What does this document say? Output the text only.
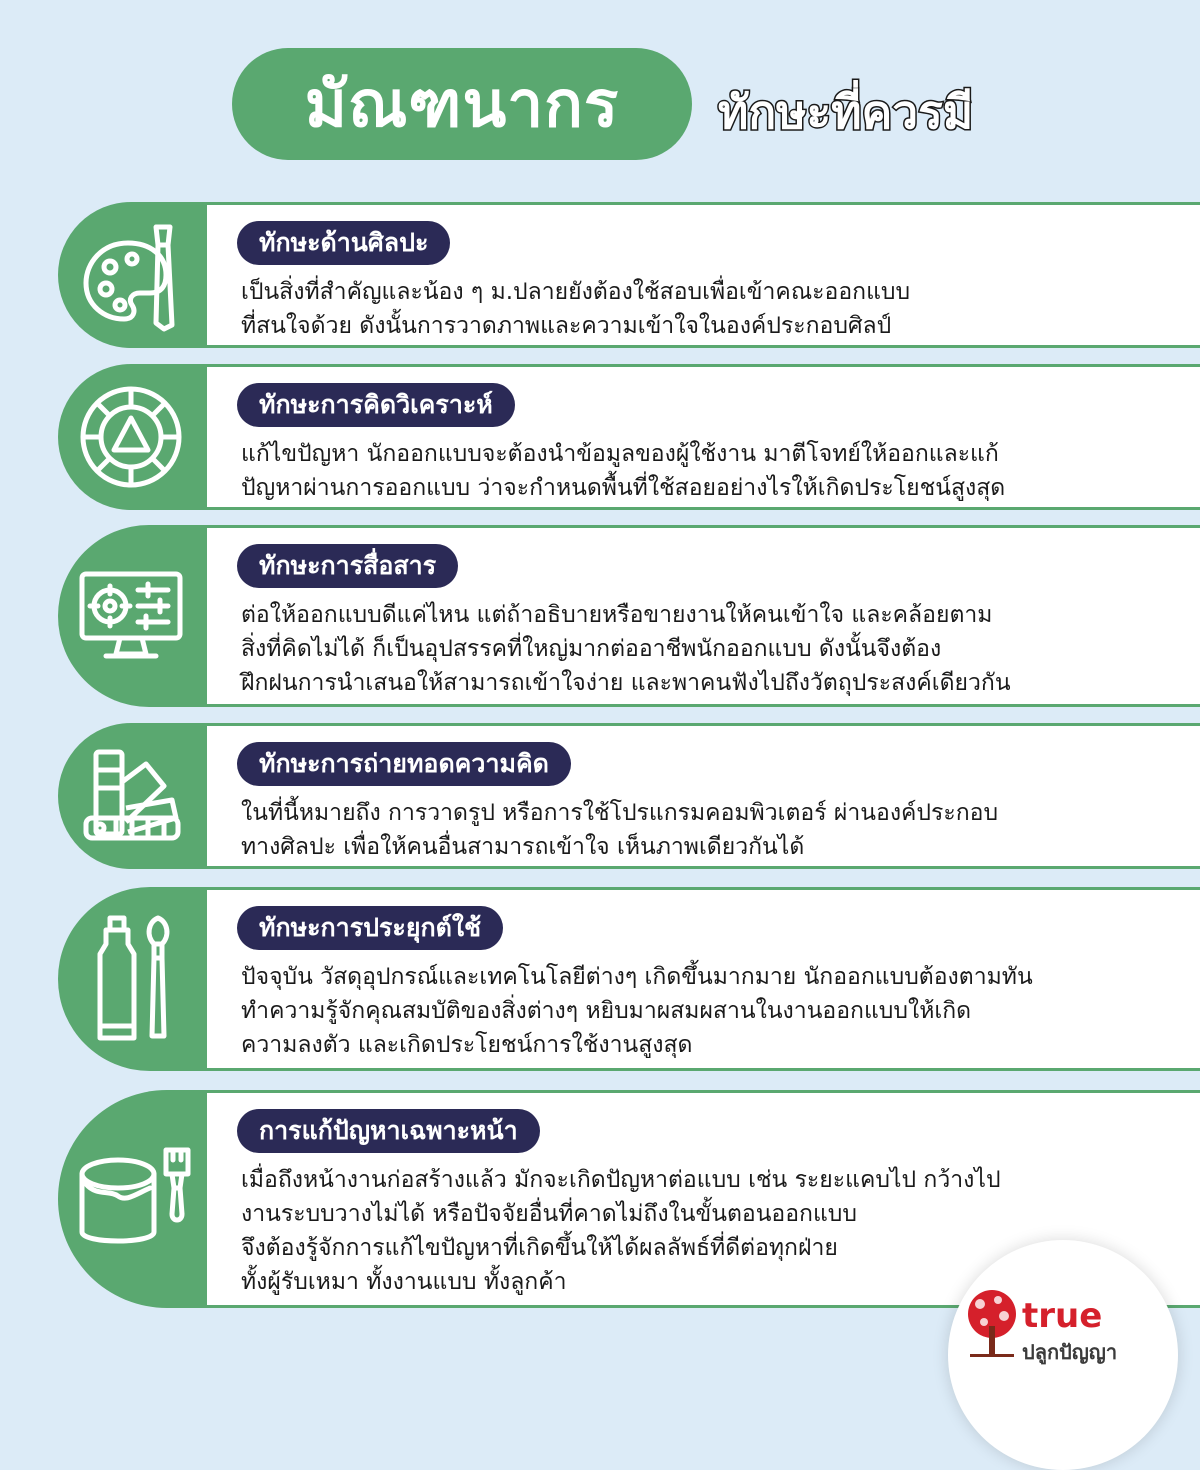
มัณฑนากร ทักษะที่ควรมี
ทักษะด้านศิลปะ
เป็นสิ่งที่สำคัญและน้อง ๆ ม.ปลายยังต้องใช้สอบเพื่อเข้าคณะออกแบบ
ที่สนใจด้วย ดังนั้นการวาดภาพและความเข้าใจในองค์ประกอบศิลป์
ทักษะการคิดวิเคราะห์
แก้ไขปัญหา นักออกแบบจะต้องนำข้อมูลของผู้ใช้งาน มาตีโจทย์ให้ออกและแก้
ปัญหาผ่านการออกแบบ ว่าจะกำหนดพื้นที่ใช้สอยอย่างไรให้เกิดประโยชน์สูงสุด
ทักษะการสื่อสาร
ต่อให้ออกแบบดีแค่ไหน แต่ถ้าอธิบายหรือขายงานให้คนเข้าใจ และคล้อยตาม
สิ่งที่คิดไม่ได้ ก็เป็นอุปสรรคที่ใหญ่มากต่ออาชีพนักออกแบบ ดังนั้นจึงต้อง
ฝึกฝนการนำเสนอให้สามารถเข้าใจง่าย และพาคนฟังไปถึงวัตถุประสงค์เดียวกัน
ทักษะการถ่ายทอดความคิด
ในที่นี้หมายถึง การวาดรูป หรือการใช้โปรแกรมคอมพิวเตอร์ ผ่านองค์ประกอบ
ทางศิลปะ เพื่อให้คนอื่นสามารถเข้าใจ เห็นภาพเดียวกันได้
ทักษะการประยุกต์ใช้
ปัจจุบัน วัสดุอุปกรณ์และเทคโนโลยีต่างๆ เกิดขึ้นมากมาย นักออกแบบต้องตามทัน
ทำความรู้จักคุณสมบัติของสิ่งต่างๆ หยิบมาผสมผสานในงานออกแบบให้เกิด
ความลงตัว และเกิดประโยชน์การใช้งานสูงสุด
การแก้ปัญหาเฉพาะหน้า
เมื่อถึงหน้างานก่อสร้างแล้ว มักจะเกิดปัญหาต่อแบบ เช่น ระยะแคบไป กว้างไป
งานระบบวางไม่ได้ หรือปัจจัยอื่นที่คาดไม่ถึงในขั้นตอนออกแบบ
จึงต้องรู้จักการแก้ไขปัญหาที่เกิดขึ้นให้ได้ผลลัพธ์ที่ดีต่อทุกฝ่าย
ทั้งผู้รับเหมา ทั้งงานแบบ ทั้งลูกค้า
true
ปลูกปัญญา
